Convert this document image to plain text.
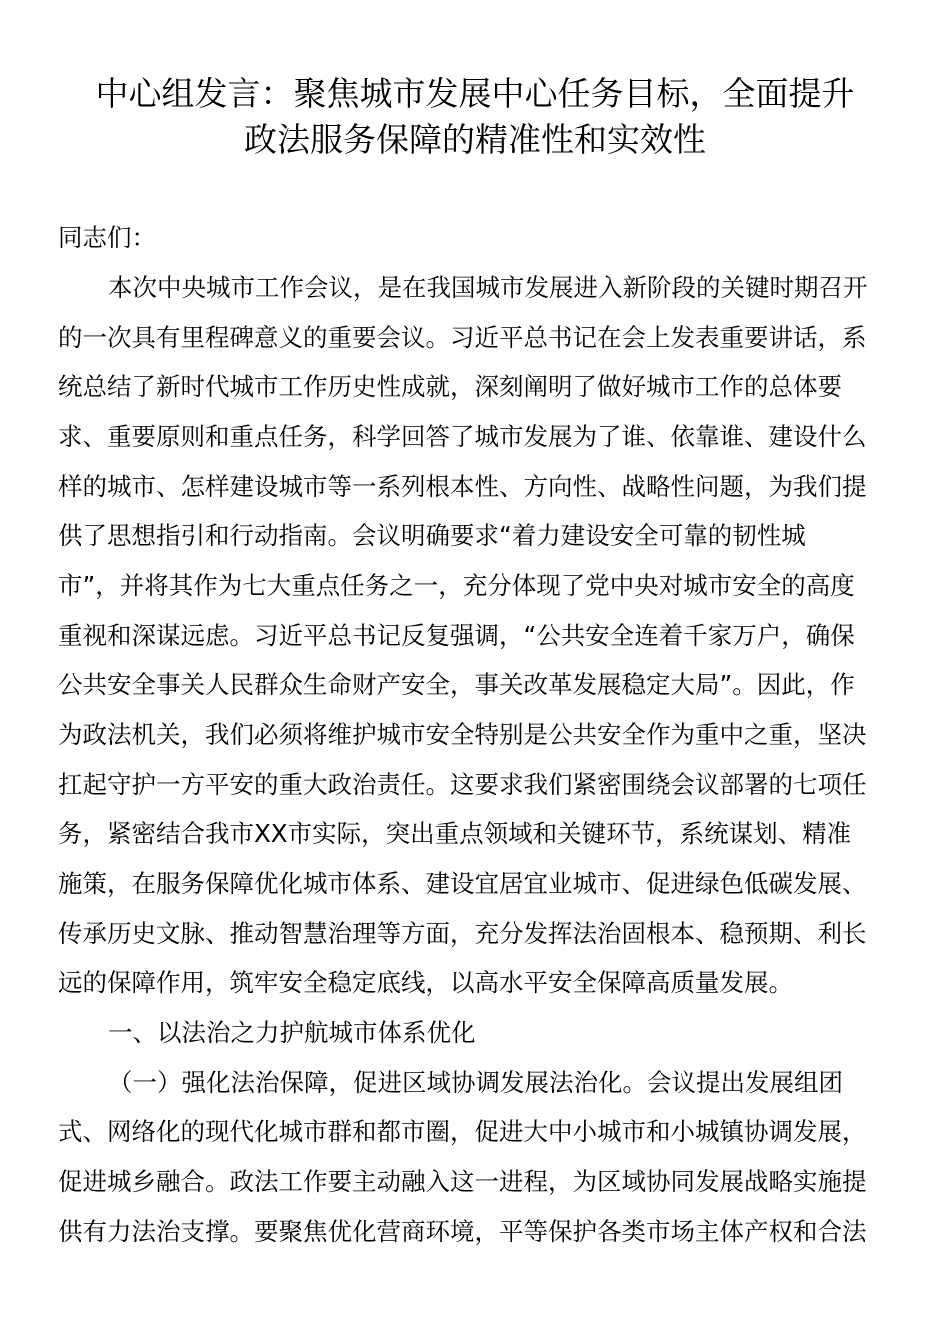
中心组发言：聚焦城市发展中心任务目标，全面提升
政法服务保障的精准性和实效性

同志们：

本次中央城市工作会议，是在我国城市发展进入新阶段的关键时期召开

的一次具有里程碑意义的重要会议。习近平总书记在会上发表重要讲话，系

统总结了新时代城市工作历史性成就，深刻阐明了做好城市工作的总体要

求、重要原则和重点任务，科学回答了城市发展为了谁、依靠谁、建设什么

样的城市、怎样建设城市等一系列根本性、方向性、战略性问题，为我们提

供了思想指引和行动指南。会议明确要求“着力建设安全可靠的韧性城

市”，并将其作为七大重点任务之一，充分体现了党中央对城市安全的高度

重视和深谋远虑。习近平总书记反复强调，“公共安全连着千家万户，确保

公共安全事关人民群众生命财产安全，事关改革发展稳定大局”。因此，作

为政法机关，我们必须将维护城市安全特别是公共安全作为重中之重，坚决

扛起守护一方平安的重大政治责任。这要求我们紧密围绕会议部署的七项任

务，紧密结合我市XX市实际，突出重点领域和关键环节，系统谋划、精准

施策，在服务保障优化城市体系、建设宜居宜业城市、促进绿色低碳发展、

传承历史文脉、推动智慧治理等方面，充分发挥法治固根本、稳预期、利长

远的保障作用，筑牢安全稳定底线，以高水平安全保障高质量发展。

一、以法治之力护航城市体系优化

（一）强化法治保障，促进区域协调发展法治化。会议提出发展组团

式、网络化的现代化城市群和都市圈，促进大中小城市和小城镇协调发展，

促进城乡融合。政法工作要主动融入这一进程，为区域协同发展战略实施提

供有力法治支撑。要聚焦优化营商环境，平等保护各类市场主体产权和合法
